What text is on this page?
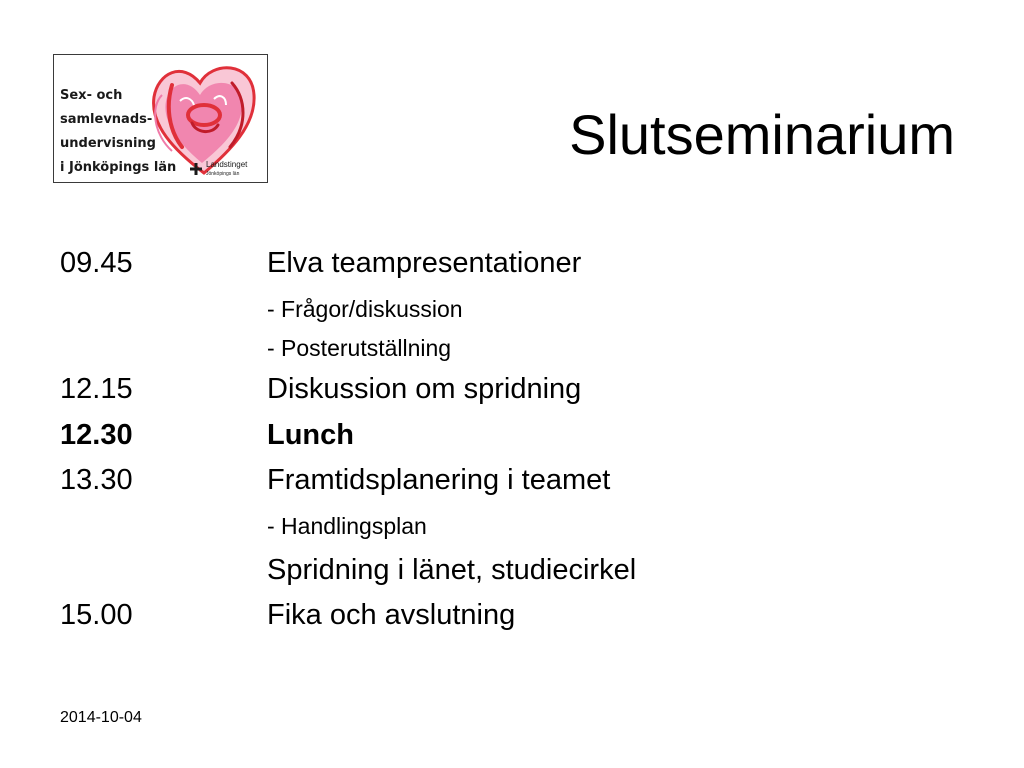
Landstinget
Jönköpings län
Sex- och
samlevnads-
undervisning
i Jönköpings län
Slutseminarium
09.45	Elva teampresentationer
- Frågor/diskussion
- Posterutställning
12.15	Diskussion om spridning
12.30	Lunch
13.30	Framtidsplanering i teamet
- Handlingsplan
Spridning i länet, studiecirkel
15.00	Fika och avslutning
2014-10-04
